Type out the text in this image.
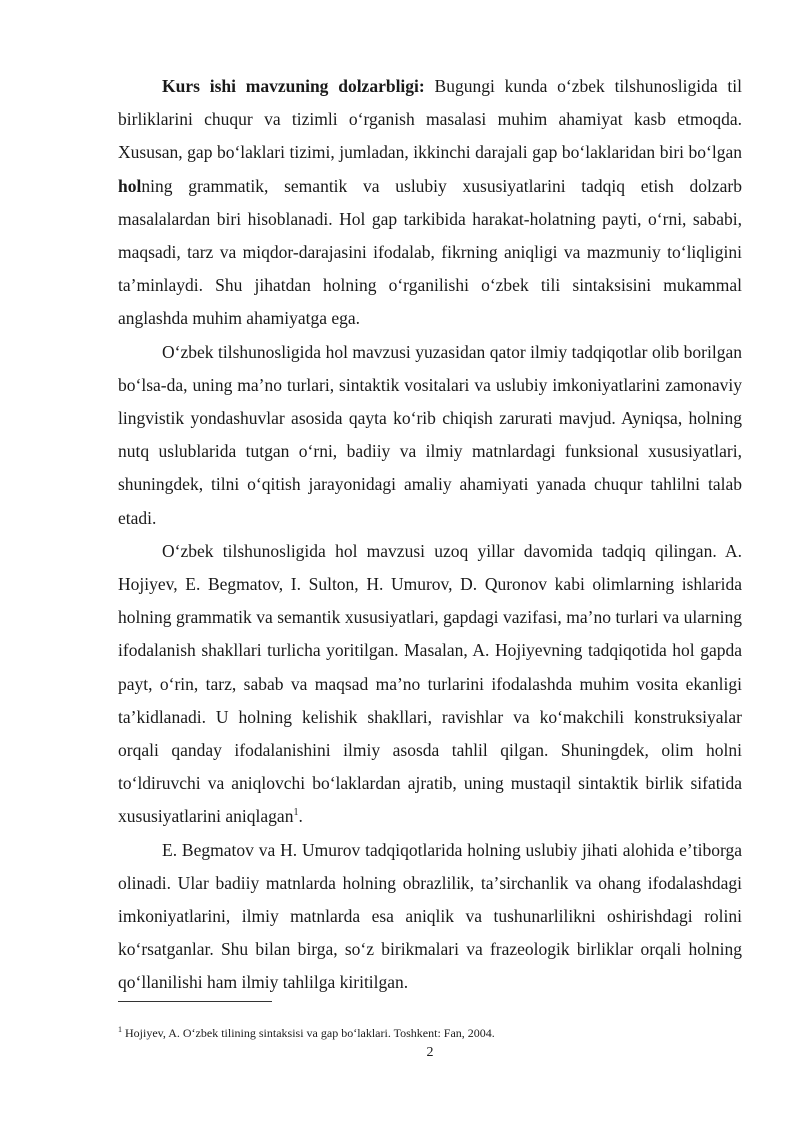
Kurs ishi mavzuning dolzarbligi: Bugungi kunda oʻzbek tilshunosligida til birliklarini chuqur va tizimli oʻrganish masalasi muhim ahamiyat kasb etmoqda. Xususan, gap boʻlaklari tizimi, jumladan, ikkinchi darajali gap boʻlaklaridan biri boʻlgan holning grammatik, semantik va uslubiy xususiyatlarini tadqiq etish dolzarb masalalardan biri hisoblanadi. Hol gap tarkibida harakat-holatning payti, oʻrni, sababi, maqsadi, tarz va miqdor-darajasini ifodalab, fikrning aniqligi va mazmuniy toʻliqligini taʼminlaydi. Shu jihatdan holning oʻrganilishi oʻzbek tili sintaksisini mukammal anglashda muhim ahamiyatga ega.

Oʻzbek tilshunosligida hol mavzusi yuzasidan qator ilmiy tadqiqotlar olib borilgan boʻlsa-da, uning maʼno turlari, sintaktik vositalari va uslubiy imkoniyatlarini zamonaviy lingvistik yondashuvlar asosida qayta koʻrib chiqish zarurati mavjud. Ayniqsa, holning nutq uslublarida tutgan oʻrni, badiiy va ilmiy matnlardagi funksional xususiyatlari, shuningdek, tilni oʻqitish jarayonidagi amaliy ahamiyati yanada chuqur tahlilni talab etadi.

Oʻzbek tilshunosligida hol mavzusi uzoq yillar davomida tadqiq qilingan. A. Hojiyev, E. Begmatov, I. Sulton, H. Umurov, D. Quronov kabi olimlarning ishlarida holning grammatik va semantik xususiyatlari, gapdagi vazifasi, maʼno turlari va ularning ifodalanish shakllari turlicha yoritilgan. Masalan, A. Hojiyevning tadqiqotida hol gapda payt, oʻrin, tarz, sabab va maqsad maʼno turlarini ifodalashda muhim vosita ekanligi taʼkidlanadi. U holning kelishik shakllari, ravishlar va koʻmakchili konstruksiyalar orqali qanday ifodalanishini ilmiy asosda tahlil qilgan. Shuningdek, olim holni toʻldiruvchi va aniqlovchi boʻlaklardan ajratib, uning mustaqil sintaktik birlik sifatida xususiyatlarini aniqlagan$^1$.

E. Begmatov va H. Umurov tadqiqotlarida holning uslubiy jihati alohida eʼtiborga olinadi. Ular badiiy matnlarda holning obrazlilik, taʼsirchanlik va ohang ifodalashdagi imkoniyatlarini, ilmiy matnlarda esa aniqlik va tushunarlilikni oshirishdagi rolini koʻrsatganlar. Shu bilan birga, soʻz birikmalari va frazeologik birliklar orqali holning qoʻllanilishi ham ilmiy tahlilga kiritilgan.

$^1$ Hojiyev, A. Oʻzbek tilining sintaksisi va gap boʻlaklari. Toshkent: Fan, 2004.
2
